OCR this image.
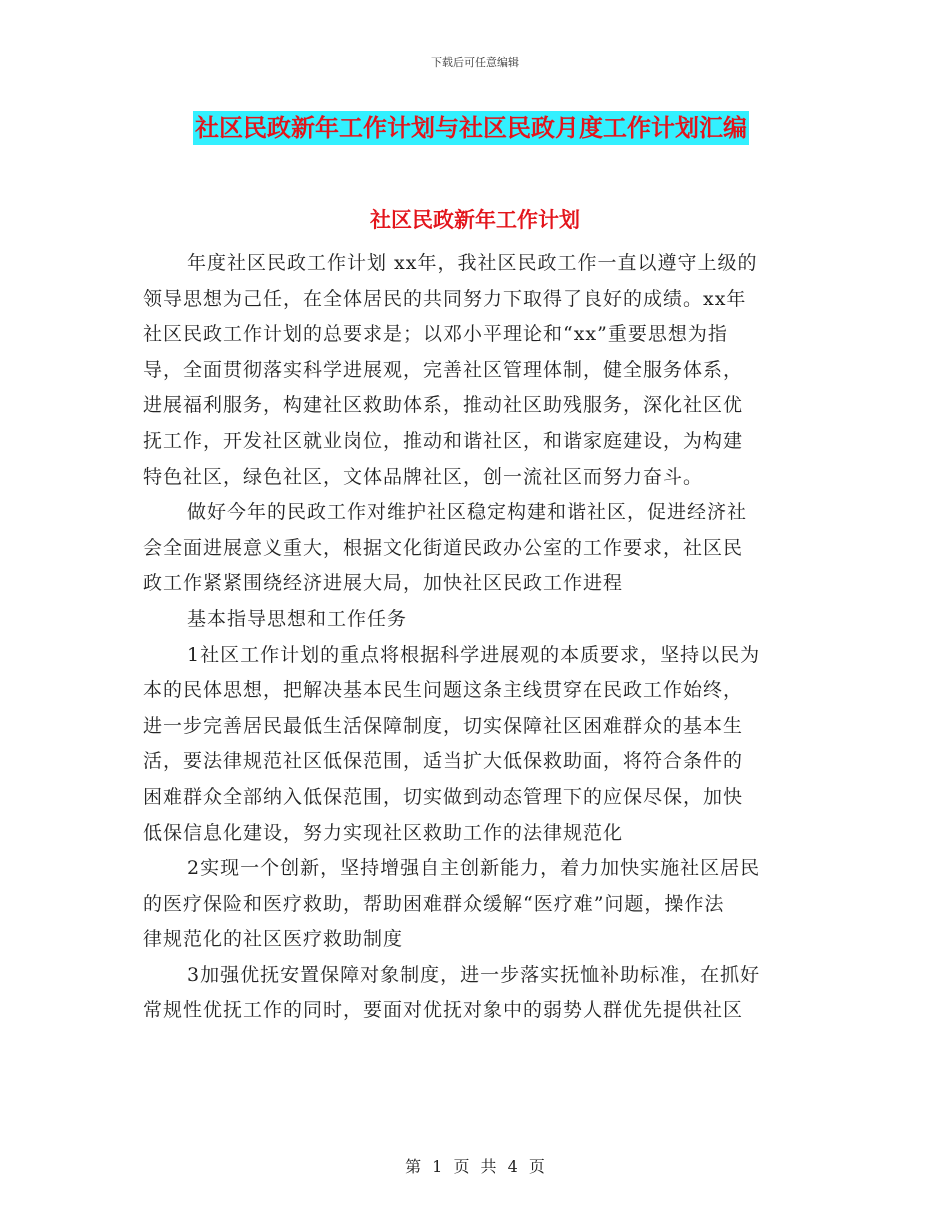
下载后可任意编辑
社区民政新年工作计划与社区民政月度工作计划汇编
社区民政新年工作计划
年度社区民政工作计划 xx年，我社区民政工作一直以遵守上级的
领导思想为己任，在全体居民的共同努力下取得了良好的成绩。xx年
社区民政工作计划的总要求是；以邓小平理论和“xx”重要思想为指
导，全面贯彻落实科学进展观，完善社区管理体制，健全服务体系，
进展福利服务，构建社区救助体系，推动社区助残服务，深化社区优
抚工作，开发社区就业岗位，推动和谐社区，和谐家庭建设，为构建
特色社区，绿色社区，文体品牌社区，创一流社区而努力奋斗。
做好今年的民政工作对维护社区稳定构建和谐社区，促进经济社
会全面进展意义重大，根据文化街道民政办公室的工作要求，社区民
政工作紧紧围绕经济进展大局，加快社区民政工作进程
基本指导思想和工作任务
1社区工作计划的重点将根据科学进展观的本质要求，坚持以民为
本的民体思想，把解决基本民生问题这条主线贯穿在民政工作始终，
进一步完善居民最低生活保障制度，切实保障社区困难群众的基本生
活，要法律规范社区低保范围，适当扩大低保救助面，将符合条件的
困难群众全部纳入低保范围，切实做到动态管理下的应保尽保，加快
低保信息化建设，努力实现社区救助工作的法律规范化
2实现一个创新，坚持增强自主创新能力，着力加快实施社区居民
的医疗保险和医疗救助，帮助困难群众缓解“医疗难”问题，操作法
律规范化的社区医疗救助制度
3加强优抚安置保障对象制度，进一步落实抚恤补助标准，在抓好
常规性优抚工作的同时，要面对优抚对象中的弱势人群优先提供社区
第 1 页 共 4 页
